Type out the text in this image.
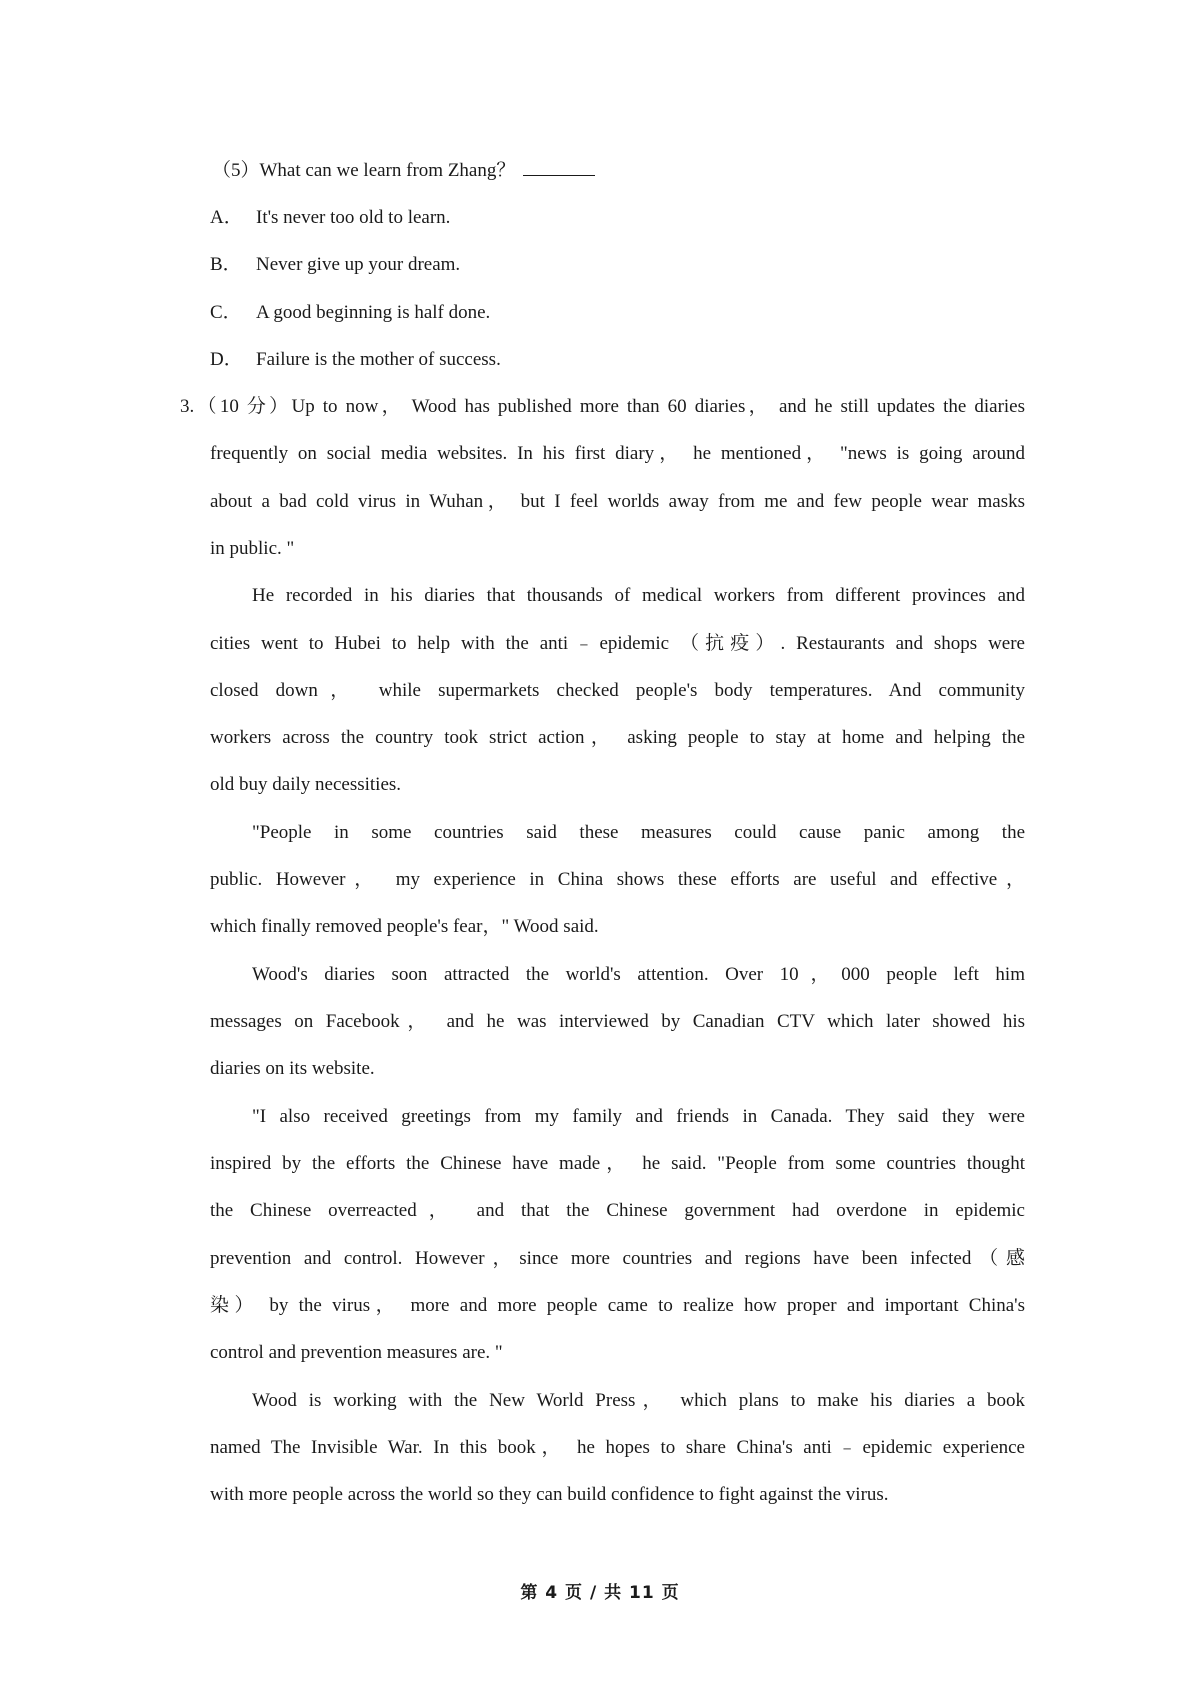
（5）What can we learn from Zhang？
A． It's never too old to learn.
B． Never give up your dream.
C． A good beginning is half done.
D． Failure is the mother of success.
3.（10 分）Up to now， Wood has published more than 60 diaries， and he still updates the diaries
frequently on social media websites. In his first diary， he mentioned， "news is going around
about a bad cold virus in Wuhan， but I feel worlds away from me and few people wear masks
in public. "
He recorded in his diaries that thousands of medical workers from different provinces and
cities went to Hubei to help with the anti﹣epidemic （抗疫）. Restaurants and shops were
closed down， while supermarkets checked people's body temperatures. And community
workers across the country took strict action， asking people to stay at home and helping the
old buy daily necessities.
"People in some countries said these measures could cause panic among the
public. However， my experience in China shows these efforts are useful and effective，
which finally removed people's fear，" Wood said.
Wood's diaries soon attracted the world's attention. Over 10，000 people left him
messages on Facebook， and he was interviewed by Canadian CTV which later showed his
diaries on its website.
"I also received greetings from my family and friends in Canada. They said they were
inspired by the efforts the Chinese have made， he said. "People from some countries thought
the Chinese overreacted， and that the Chinese government had overdone in epidemic
prevention and control. However，since more countries and regions have been infected（感
染） by the virus， more and more people came to realize how proper and important China's
control and prevention measures are. "
Wood is working with the New World Press， which plans to make his diaries a book
named The Invisible War. In this book， he hopes to share China's anti﹣epidemic experience
with more people across the world so they can build confidence to fight against the virus.
第 4 页 / 共 11 页
